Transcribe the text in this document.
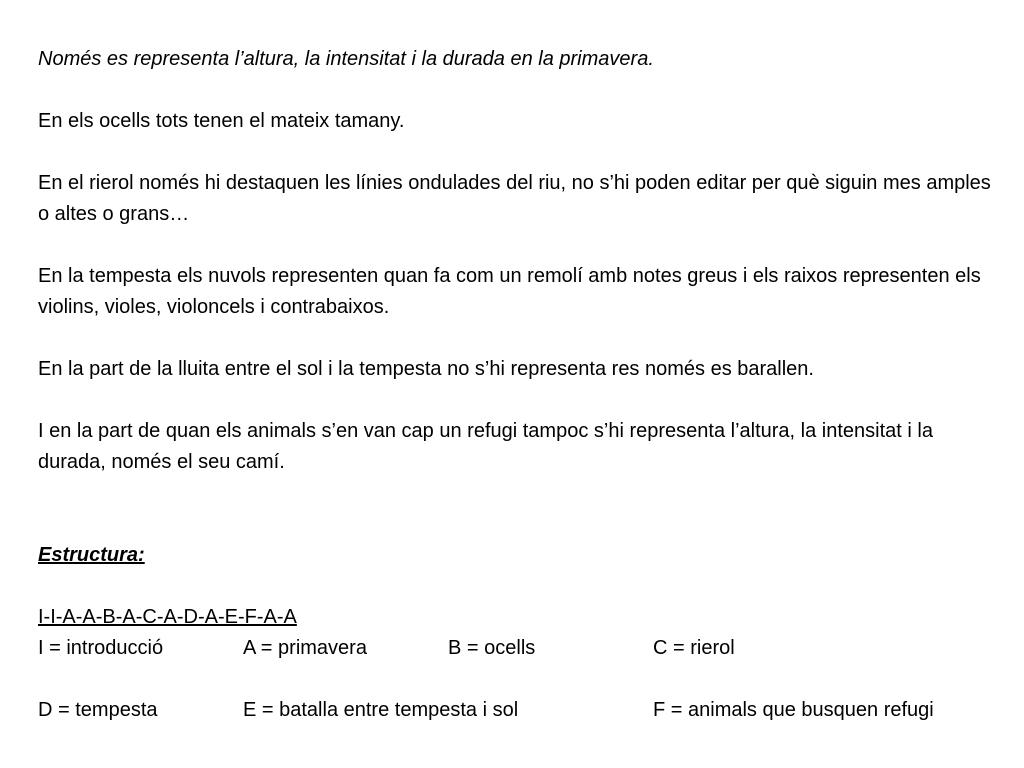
Només es representa l’altura, la intensitat i la durada en la primavera.

En els ocells tots tenen el mateix tamany.

En el rierol només hi destaquen les línies ondulades del riu, no s’hi poden editar per què siguin mes amples o altes o grans…

En la tempesta els nuvols representen quan fa com un remolí amb notes greus i els raixos representen els violins, violes, violoncels i contrabaixos.

En la part de la lluita entre el sol i la tempesta no s’hi representa res només es barallen.

I en la part de quan els animals s’en van cap un refugi tampoc s’hi representa l’altura, la intensitat i la durada, només el seu camí.

Estructura:

I-I-A-A-B-A-C-A-D-A-E-F-A-A

I = introducció	A = primavera	B = ocells	C = rierol
D = tempesta	E = batalla entre tempesta i sol	F = animals que busquen refugi
